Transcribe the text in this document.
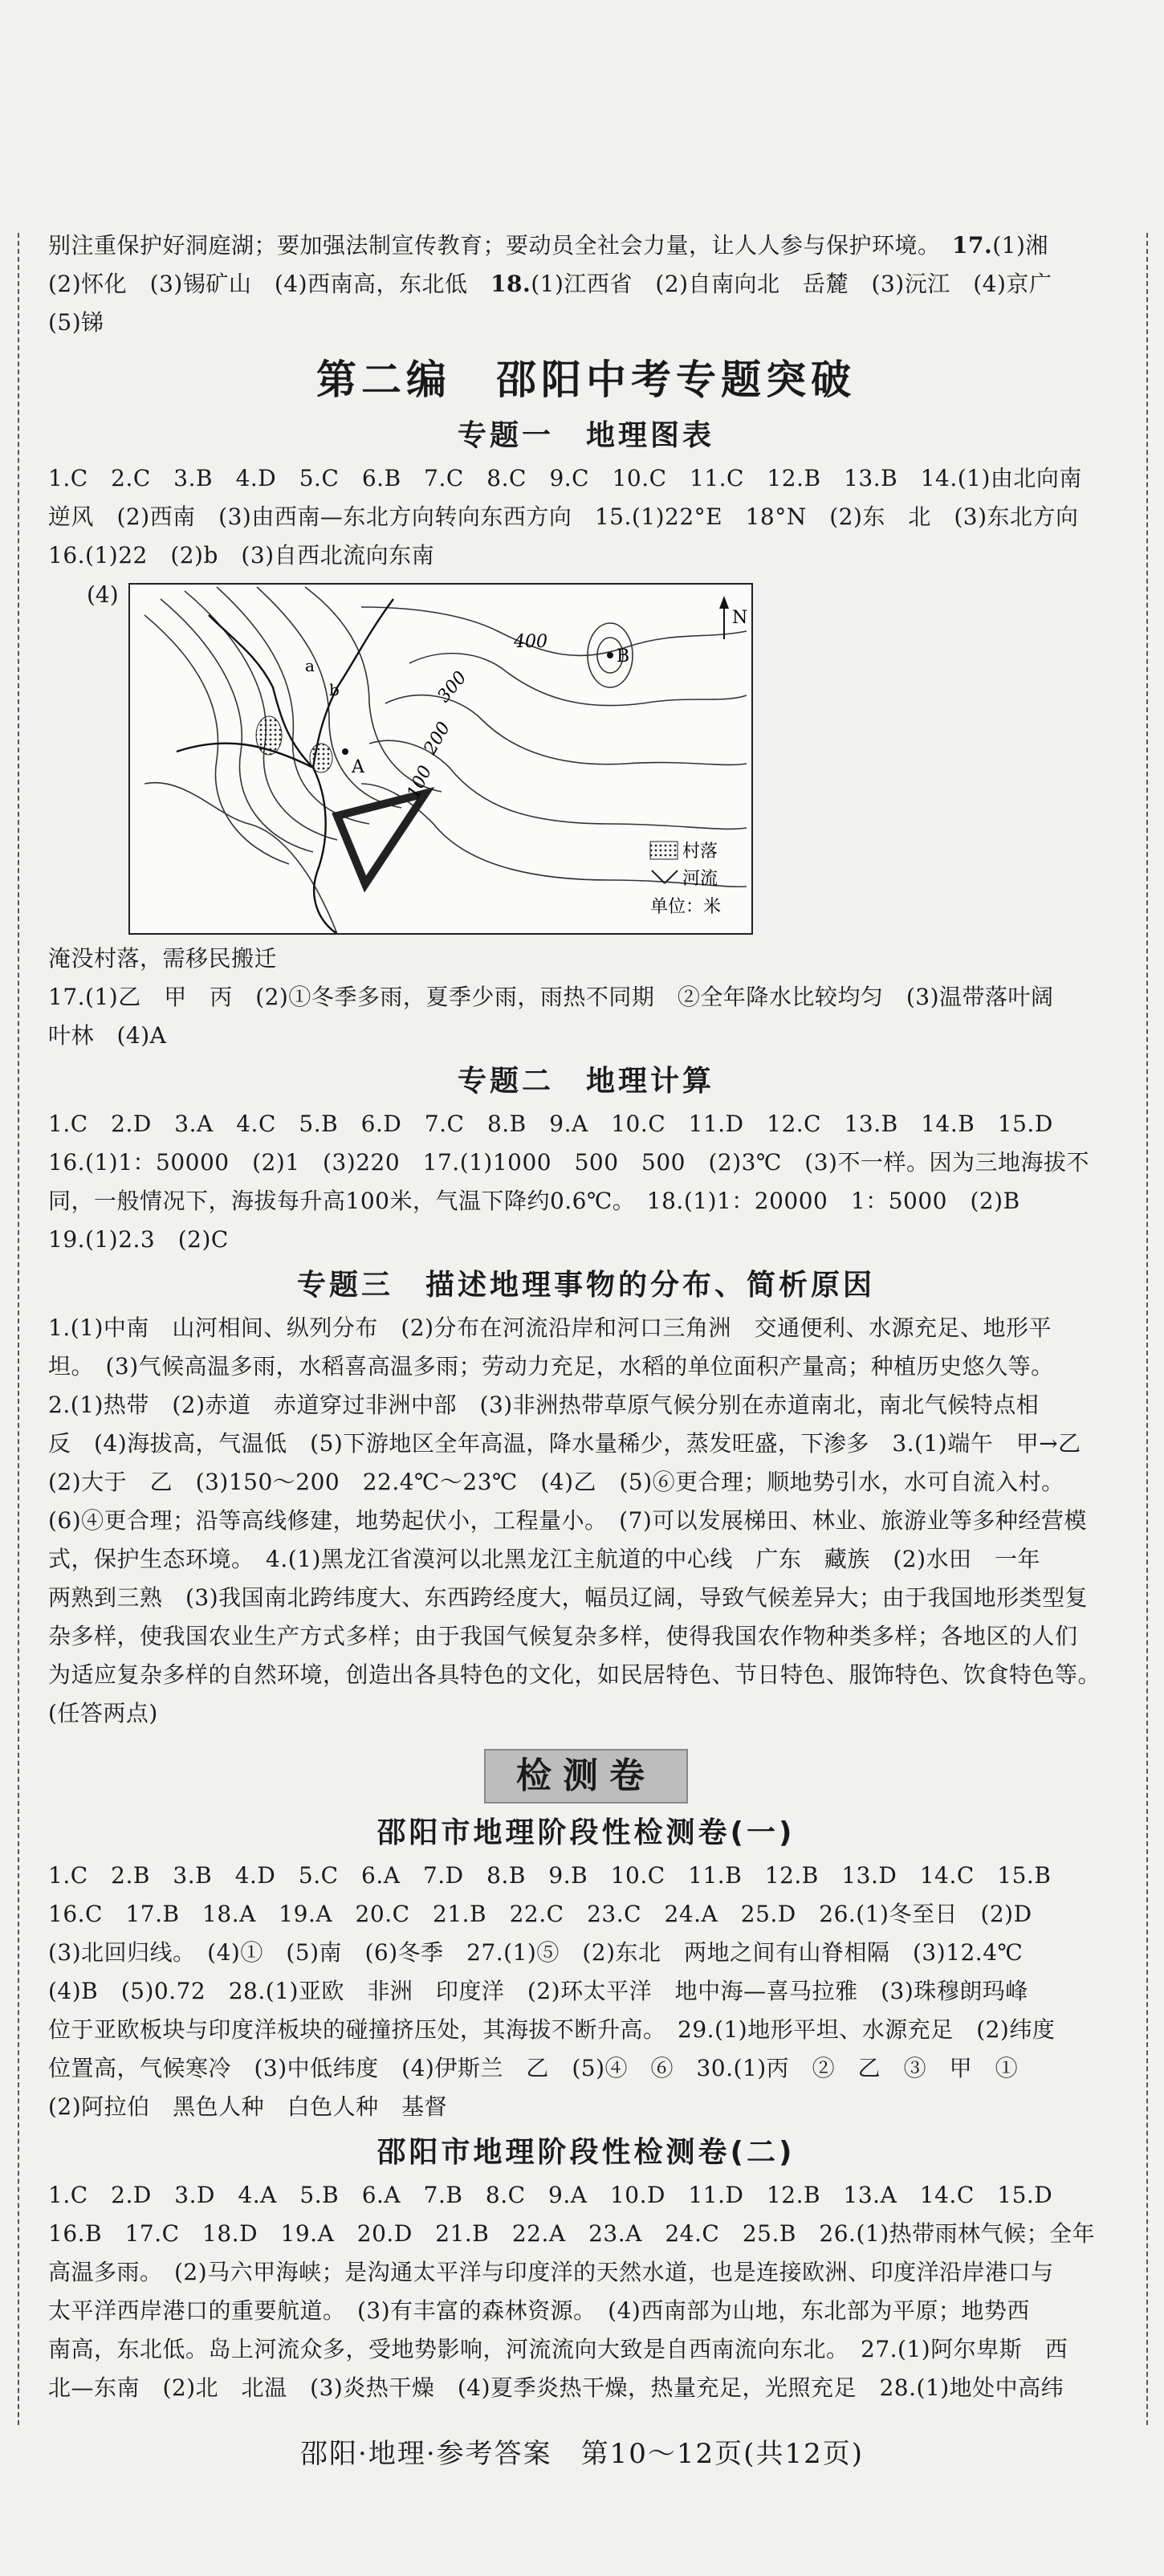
别注重保护好洞庭湖；要加强法制宣传教育；要动员全社会力量，让人人参与保护环境。　 17.(1)湘

(2)怀化　(3)锡矿山　(4)西南高，东北低　 18.(1)江西省　(2)自南向北　岳麓　(3)沅江　(4)京广

(5)锑

第二编　邵阳中考专题突破
专题一　地理图表

1.C　2.C　3.B　4.D　5.C　6.B　7.C　8.C　9.C　10.C　11.C　12.B　13.B　14.(1)由北向南

逆风　(2)西南　(3)由西南—东北方向转向东西方向　15.(1)22°E　18°N　(2)东　北　(3)东北方向

16.(1)22　(2)b　(3)自西北流向东南

(4)
A
B
a
b
400
300
200
100
N
村落
河流
单位：米

淹没村落，需移民搬迁

17.(1)乙　甲　丙　(2)①冬季多雨，夏季少雨，雨热不同期　②全年降水比较均匀　(3)温带落叶阔

叶林　(4)A

专题二　地理计算

1.C　2.D　3.A　4.C　5.B　6.D　7.C　8.B　9.A　10.C　11.D　12.C　13.B　14.B　15.D

16.(1)1：50000　(2)1　(3)220　17.(1)1000　500　500　(2)3℃　(3)不一样。因为三地海拔不

同，一般情况下，海拔每升高100米，气温下降约0.6℃。　18.(1)1：20000　1：5000　(2)B

19.(1)2.3　(2)C

专题三　描述地理事物的分布、简析原因

1.(1)中南　山河相间、纵列分布　(2)分布在河流沿岸和河口三角洲　交通便利、水源充足、地形平

坦。　(3)气候高温多雨，水稻喜高温多雨；劳动力充足，水稻的单位面积产量高；种植历史悠久等。

2.(1)热带　(2)赤道　赤道穿过非洲中部　(3)非洲热带草原气候分别在赤道南北，南北气候特点相

反　(4)海拔高，气温低　(5)下游地区全年高温，降水量稀少，蒸发旺盛，下渗多　3.(1)端午　甲→乙

(2)大于　乙　(3)150～200　22.4℃～23℃　(4)乙　(5)⑥更合理；顺地势引水，水可自流入村。

(6)④更合理；沿等高线修建，地势起伏小，工程量小。　(7)可以发展梯田、林业、旅游业等多种经营模

式，保护生态环境。　4.(1)黑龙江省漠河以北黑龙江主航道的中心线　广东　藏族　(2)水田　一年

两熟到三熟　(3)我国南北跨纬度大、东西跨经度大，幅员辽阔，导致气候差异大；由于我国地形类型复

杂多样，使我国农业生产方式多样；由于我国气候复杂多样，使得我国农作物种类多样；各地区的人们

为适应复杂多样的自然环境，创造出各具特色的文化，如民居特色、节日特色、服饰特色、饮食特色等。

(任答两点)

检测卷
邵阳市地理阶段性检测卷(一)

1.C　2.B　3.B　4.D　5.C　6.A　7.D　8.B　9.B　10.C　11.B　12.B　13.D　14.C　15.B

16.C　17.B　18.A　19.A　20.C　21.B　22.C　23.C　24.A　25.D　26.(1)冬至日　(2)D

(3)北回归线。　(4)①　(5)南　(6)冬季　27.(1)⑤　(2)东北　两地之间有山脊相隔　(3)12.4℃

(4)B　(5)0.72　28.(1)亚欧　非洲　印度洋　(2)环太平洋　地中海—喜马拉雅　(3)珠穆朗玛峰

位于亚欧板块与印度洋板块的碰撞挤压处，其海拔不断升高。　29.(1)地形平坦、水源充足　(2)纬度

位置高，气候寒冷　(3)中低纬度　(4)伊斯兰　乙　(5)④　⑥　30.(1)丙　②　乙　③　甲　①

(2)阿拉伯　黑色人种　白色人种　基督

邵阳市地理阶段性检测卷(二)

1.C　2.D　3.D　4.A　5.B　6.A　7.B　8.C　9.A　10.D　11.D　12.B　13.A　14.C　15.D

16.B　17.C　18.D　19.A　20.D　21.B　22.A　23.A　24.C　25.B　26.(1)热带雨林气候；全年

高温多雨。　(2)马六甲海峡；是沟通太平洋与印度洋的天然水道，也是连接欧洲、印度洋沿岸港口与

太平洋西岸港口的重要航道。　(3)有丰富的森林资源。　(4)西南部为山地，东北部为平原；地势西

南高，东北低。岛上河流众多，受地势影响，河流流向大致是自西南流向东北。　27.(1)阿尔卑斯　西

北—东南　(2)北　北温　(3)炎热干燥　(4)夏季炎热干燥，热量充足，光照充足　28.(1)地处中高纬

邵阳·地理·参考答案　第10～12页(共12页)
